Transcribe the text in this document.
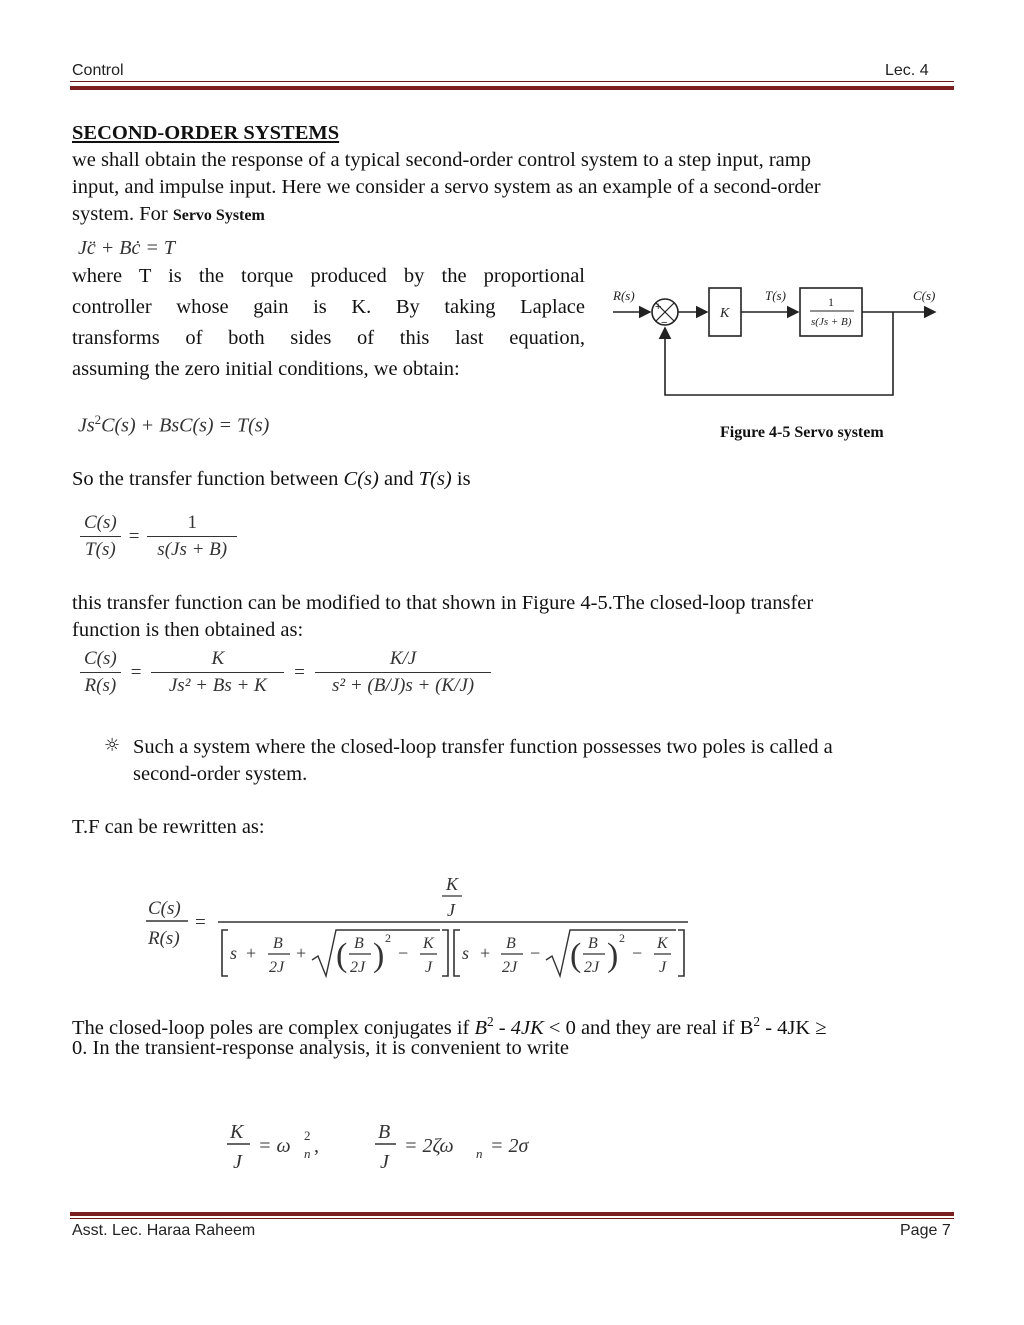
Control	Lec. 4
SECOND-ORDER SYSTEMS
we shall obtain the response of a typical second-order control system to a step input, ramp
input, and impulse input. Here we consider a servo system as an example of a second-order
system. For Servo System
Jc̈ + Bċ = T
where T is the torque produced by the proportional
controller whose gain is K. By taking Laplace
transforms of both sides of this last equation,
assuming the zero initial conditions, we obtain:
R(s)	T(s)	C(s)
K
+
−
1
s(Js + B)
Figure 4-5 Servo system
$Js^2C(s) + BsC(s) = T(s)$
So the transfer function between C(s) and T(s) is
$\frac{C(s)}{T(s)} = \frac{1}{s(Js + B)}$
this transfer function can be modified to that shown in Figure 4-5.The closed-loop transfer
function is then obtained as:
$\frac{C(s)}{R(s)} = \frac{K}{\text{Js² + Bs + K}} = \frac{K/J}{\text{s² + (B/J)s + (K/J)}}$
☼ Such a system where the closed-loop transfer function possesses two poles is called a
second-order system.
T.F can be rewritten as:
C(s)
R(s)
=
K
J
s + B
2J
+ ( B
2J ) 2
− K
J
s + B
2J
− ( B
2J ) 2
− K
J
The closed-loop poles are complex conjugates if $B^2 - 4JK < 0$ and they are real if $B^2 - 4JK$ ≥
0. In the transient-response analysis, it is convenient to write
K
J
= ω n
2 ,
B
J
= 2ζω n = 2σ
Asst. Lec. Haraa Raheem	Page 7
